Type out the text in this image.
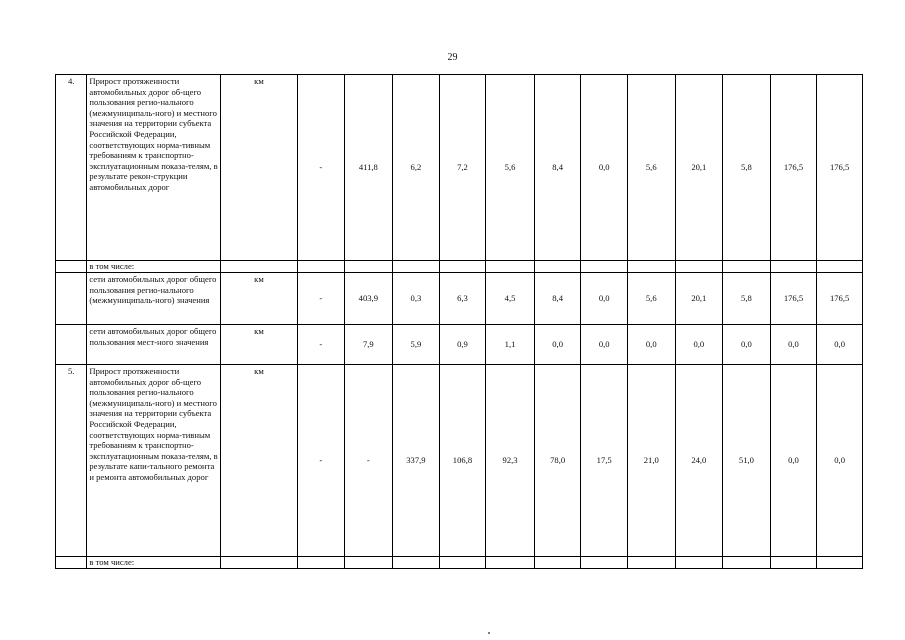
29
4.	Прирост протяженности автомобильных дорог об-щего пользования регио-нального (межмуниципаль-ного) и местного значения на территории субъекта Российской Федерации, соответствующих норма-тивным требованиям к транспортно-эксплуатационным показа-телям, в результате рекон-струкции автомобильных дорог	км	-	411,8	6,2	7,2	5,6	8,4	0,0	5,6	20,1	5,8	176,5	176,5
	в том числе:													
	сети автомобильных дорог общего пользования регио-нального (межмуниципаль-ного) значения	км	-	403,9	0,3	6,3	4,5	8,4	0,0	5,6	20,1	5,8	176,5	176,5
	сети автомобильных дорог общего пользования мест-ного значения	км	-	7,9	5,9	0,9	1,1	0,0	0,0	0,0	0,0	0,0	0,0	0,0
5.	Прирост протяженности автомобильных дорог об-щего пользования регио-нального (межмуниципаль-ного) и местного значения на территории субъекта Российской Федерации, соответствующих норма-тивным требованиям к транспортно-эксплуатационным показа-телям, в результате капи-тального ремонта и ремонта автомобильных дорог	км	-	-	337,9	106,8	92,3	78,0	17,5	21,0	24,0	51,0	0,0	0,0
	в том числе:													
